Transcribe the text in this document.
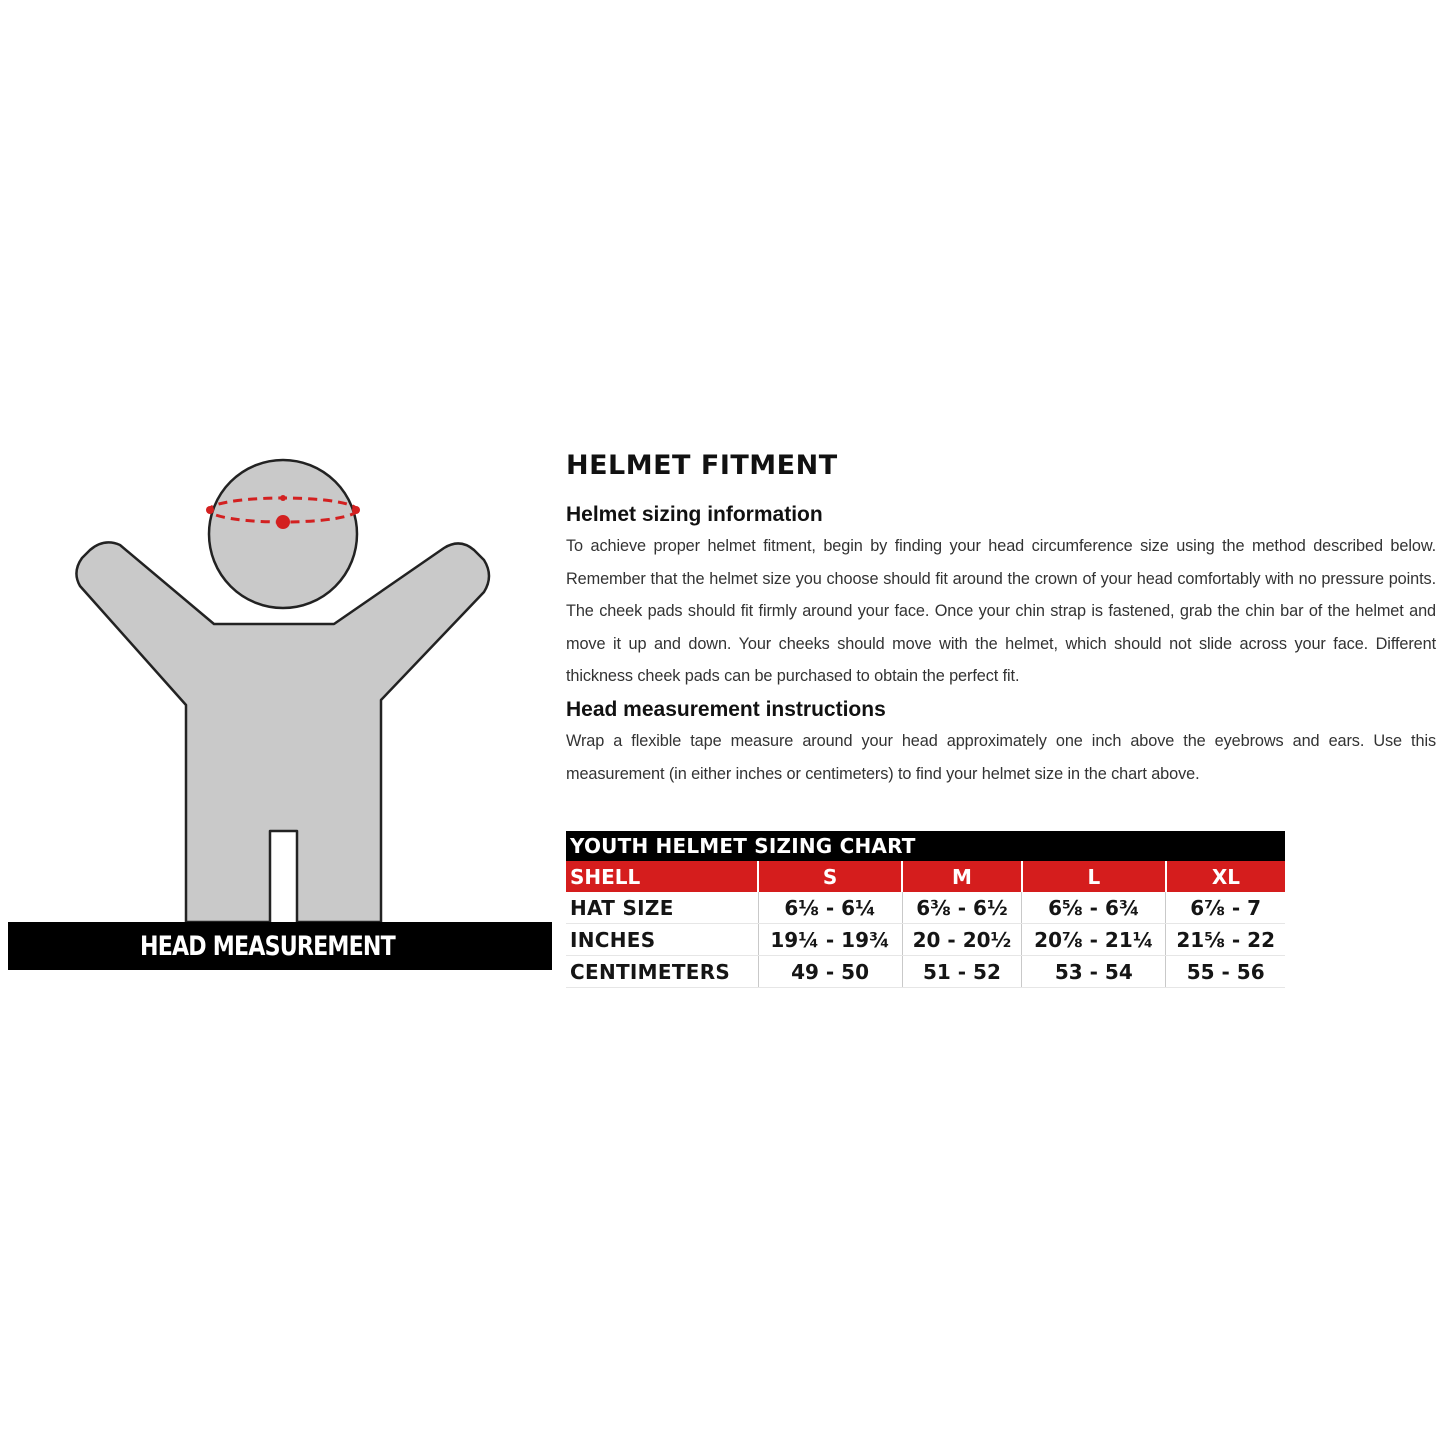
HEAD MEASUREMENT
HELMET FITMENT
Helmet sizing information

To achieve proper helmet fitment, begin by finding your head circumference size using the method described below. Remember that the helmet size you choose should fit around the crown of your head comfortably with no pressure points. The cheek pads should fit firmly around your face. Once your chin strap is fastened, grab the chin bar of the helmet and move it up and down. Your cheeks should move with the helmet, which should not slide across your face. Different thickness cheek pads can be purchased to obtain the perfect fit.

Head measurement instructions

Wrap a flexible tape measure around your head approximately one inch above the eyebrows and ears. Use this measurement (in either inches or centimeters) to find your helmet size in the chart above.

YOUTH HELMET SIZING CHART				
SHELL	S	M	L	XL
HAT SIZE	6⅛ - 6¼	6⅜ - 6½	6⅝ - 6¾	6⅞ - 7
INCHES	19¼ - 19¾	20 - 20½	20⅞ - 21¼	21⅝ - 22
CENTIMETERS	49 - 50	51 - 52	53 - 54	55 - 56
